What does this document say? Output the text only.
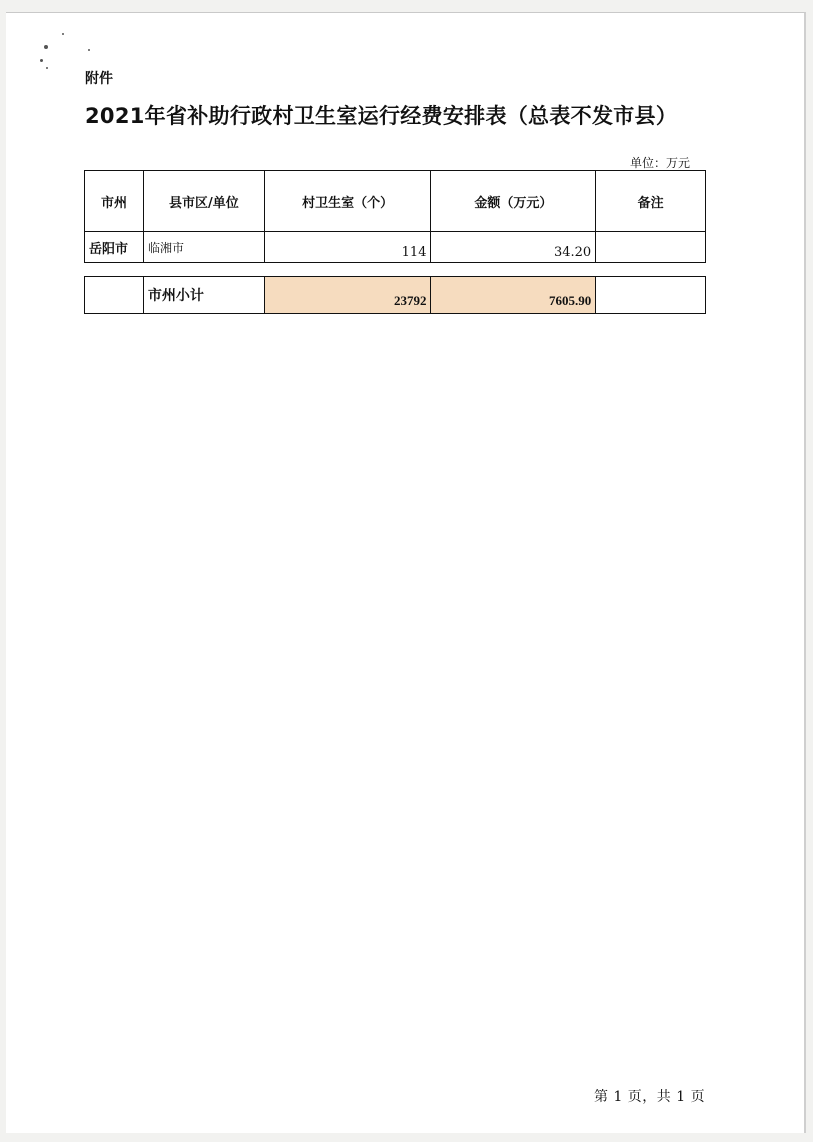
附件
2021年省补助行政村卫生室运行经费安排表（总表不发市县）
单位：万元
市州	县市区/单位	村卫生室（个）	金额（万元）	备注
岳阳市	临湘市	114	34.20	
	市州小计	23792	7605.90	
第 1 页，共 1 页
